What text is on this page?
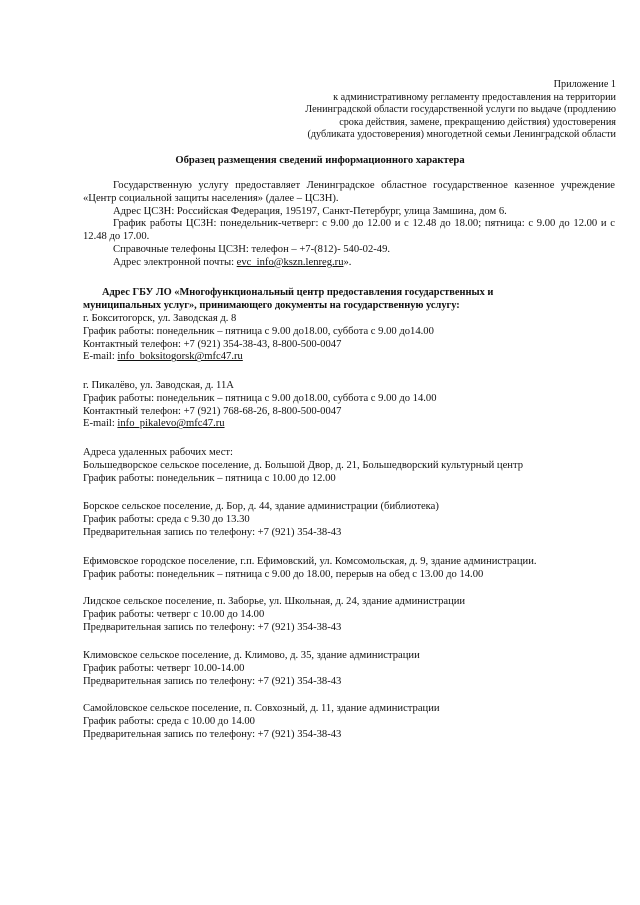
Приложение 1
к административному регламенту предоставления на территории
Ленинградской области государственной услуги по выдаче (продлению
срока действия, замене, прекращению действия) удостоверения
(дубликата удостоверения) многодетной семьи Ленинградской области
Образец размещения сведений информационного характера

Государственную услугу предоставляет Ленинградское областное государственное казенное учреждение «Центр социальной защиты населения» (далее – ЦСЗН).

Адрес ЦСЗН: Российская Федерация, 195197, Санкт-Петербург, улица Замшина, дом 6.

График работы ЦСЗН: понедельник-четверг: с 9.00 до 12.00 и с 12.48 до 18.00; пятница: с 9.00 до 12.00 и с 12.48 до 17.00.

Справочные телефоны ЦСЗН: телефон – +7-(812)- 540-02-49.

Адрес электронной почты: evc_info@kszn.lenreg.ru».

Адрес ГБУ ЛО «Многофункциональный центр предоставления государственных и
муниципальных услуг», принимающего документы на государственную услугу:
г. Бокситогорск, ул. Заводская д. 8
График работы: понедельник – пятница с 9.00 до18.00, суббота с 9.00 до14.00
Контактный телефон: +7 (921) 354-38-43, 8-800-500-0047
E-mail: info_boksitogorsk@mfc47.ru
г. Пикалёво, ул. Заводская, д. 11А
График работы: понедельник – пятница с 9.00 до18.00, суббота с 9.00 до 14.00
Контактный телефон: +7 (921) 768-68-26, 8-800-500-0047
E-mail: info_pikalevo@mfc47.ru
Адреса удаленных рабочих мест:
Большедворское сельское поселение, д. Большой Двор, д. 21, Большедворский культурный центр
График работы: понедельник – пятница с 10.00 до 12.00
Борское сельское поселение, д. Бор, д. 44, здание администрации (библиотека)
График работы: среда с 9.30 до 13.30
Предварительная запись по телефону: +7 (921) 354-38-43
Ефимовское городское поселение, г.п. Ефимовский, ул. Комсомольская, д. 9, здание администрации.
График работы: понедельник – пятница с 9.00 до 18.00, перерыв на обед с 13.00 до 14.00
Лидское сельское поселение, п. Заборье, ул. Школьная, д. 24, здание администрации
График работы: четверг с 10.00 до 14.00
Предварительная запись по телефону: +7 (921) 354-38-43
Климовское сельское поселение, д. Климово, д. 35, здание администрации
График работы: четверг 10.00-14.00
Предварительная запись по телефону: +7 (921) 354-38-43
Самойловское сельское поселение, п. Совхозный, д. 11, здание администрации
График работы: среда с 10.00 до 14.00
Предварительная запись по телефону: +7 (921) 354-38-43
